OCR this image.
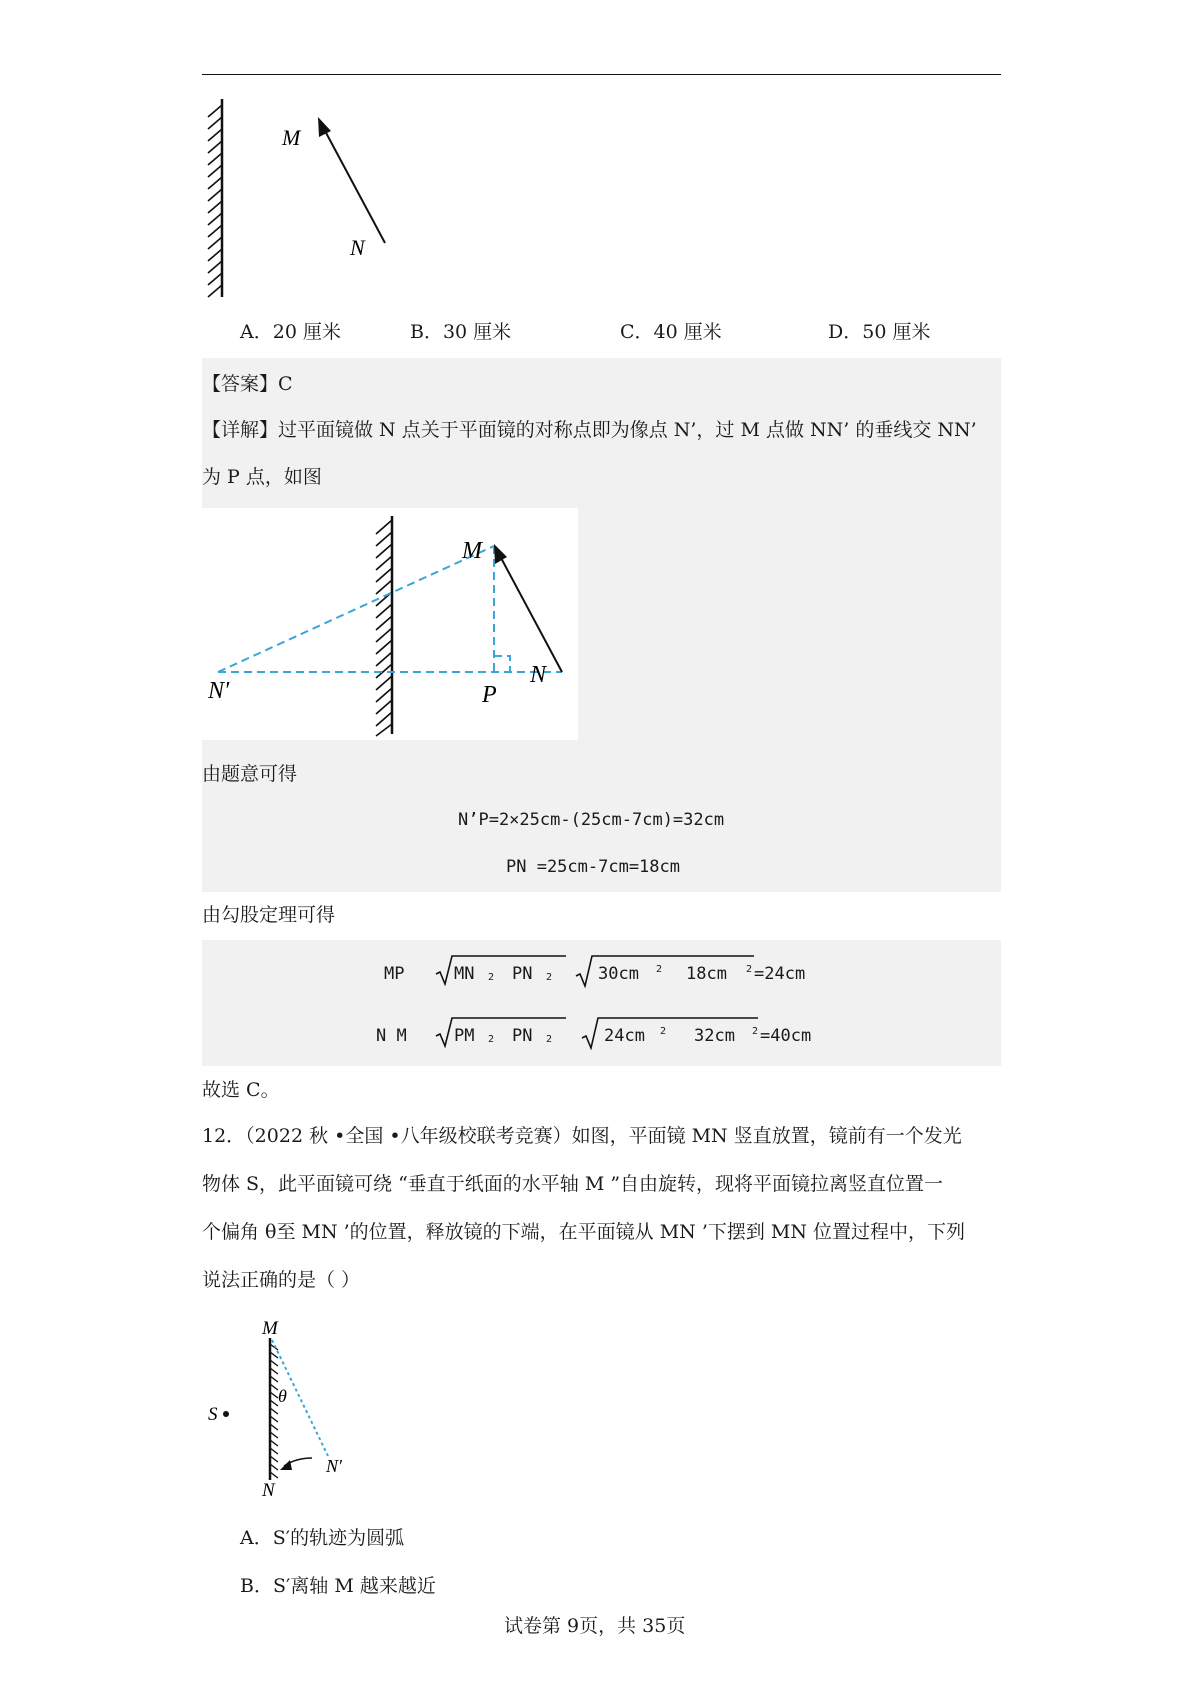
M
N
A．20 厘米	B．30 厘米	C．40 厘米	D．50 厘米
【答案】C
【详解】过平面镜做 N 点关于平面镜的对称点即为像点 N’，过 M 点做 NN’ 的垂线交 NN’
为 P 点，如图
M
N
N′	P
由题意可得
N’P=2×25cm-(25cm-7cm)=32cm
PN =25cm-7cm=18cm
由勾股定理可得
MP	MN 2 PN 2	30cm 2 18cm 2 =24cm
N M	PM 2 PN 2	24cm 2 32cm 2 =40cm
故选 C。
12．（2022 秋 •全国 •八年级校联考竞赛）如图，平面镜 MN 竖直放置，镜前有一个发光
物体 S，此平面镜可绕 “垂直于纸面的水平轴 M ”自由旋转，现将平面镜拉离竖直位置一
个偏角 θ至 MN ’的位置，释放镜的下端，在平面镜从 MN ’下摆到 MN 位置过程中，下列
说法正确的是（ ）
M
S
θ
N′
N
A．S′的轨迹为圆弧
B．S′离轴 M 越来越近
试卷第 9页，共 35页
